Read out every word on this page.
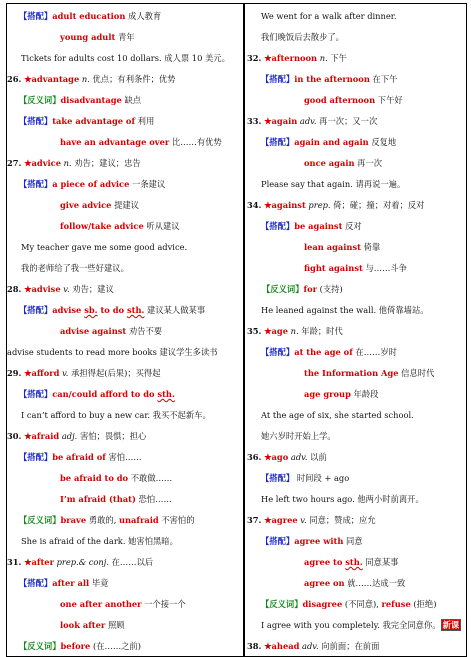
【搭配】adult education 成人教育
young adult 青年
Tickets for adults cost 10 dollars. 成人票 10 美元。
26. ★advantage n. 优点；有利条件；优势
【反义词】disadvantage 缺点
【搭配】take advantage of 利用
have an advantage over 比……有优势
27. ★advice n. 劝告；建议；忠告
【搭配】a piece of advice 一条建议
give advice 提建议
follow/take advice 听从建议
My teacher gave me some good advice.
我的老师给了我一些好建议。
28. ★advise v. 劝告；建议
【搭配】advise sb. to do sth. 建议某人做某事
advise against 劝告不要
advise students to read more books 建议学生多读书
29. ★afford v. 承担得起(后果)；买得起
【搭配】can/could afford to do sth.
I can’t afford to buy a new car. 我买不起新车。
30. ★afraid adj. 害怕；畏惧；担心
【搭配】be afraid of 害怕……
be afraid to do 不敢做……
I’m afraid (that) 恐怕……
【反义词】brave 勇敢的, unafraid 不害怕的
She is afraid of the dark. 她害怕黑暗。
31. ★after prep.& conj. 在……以后
【搭配】after all 毕竟
one after another 一个接一个
look after 照顾
【反义词】before (在……之前)
We went for a walk after dinner.
我们晚饭后去散步了。
32. ★afternoon n. 下午
【搭配】in the afternoon 在下午
good afternoon 下午好
33. ★again adv. 再一次；又一次
【搭配】again and again 反复地
once again 再一次
Please say that again. 请再说一遍。
34. ★against prep. 倚；碰；撞；对着；反对
【搭配】be against 反对
lean against 倚靠
fight against 与……斗争
【反义词】for (支持)
He leaned against the wall. 他倚靠墙站。
35. ★age n. 年龄；时代
【搭配】at the age of 在……岁时
the Information Age 信息时代
age group 年龄段
At the age of six, she started school.
她六岁时开始上学。
36. ★ago adv. 以前
【搭配】 时间段 + ago
He left two hours ago. 他两小时前离开。
37. ★agree v. 同意；赞成；应允
【搭配】agree with 同意
agree to sth. 同意某事
agree on 就……达成一致
【反义词】disagree (不同意), refuse (拒绝)
I agree with you completely. 我完全同意你。 新课
38. ★ahead adv. 向前面；在前面
